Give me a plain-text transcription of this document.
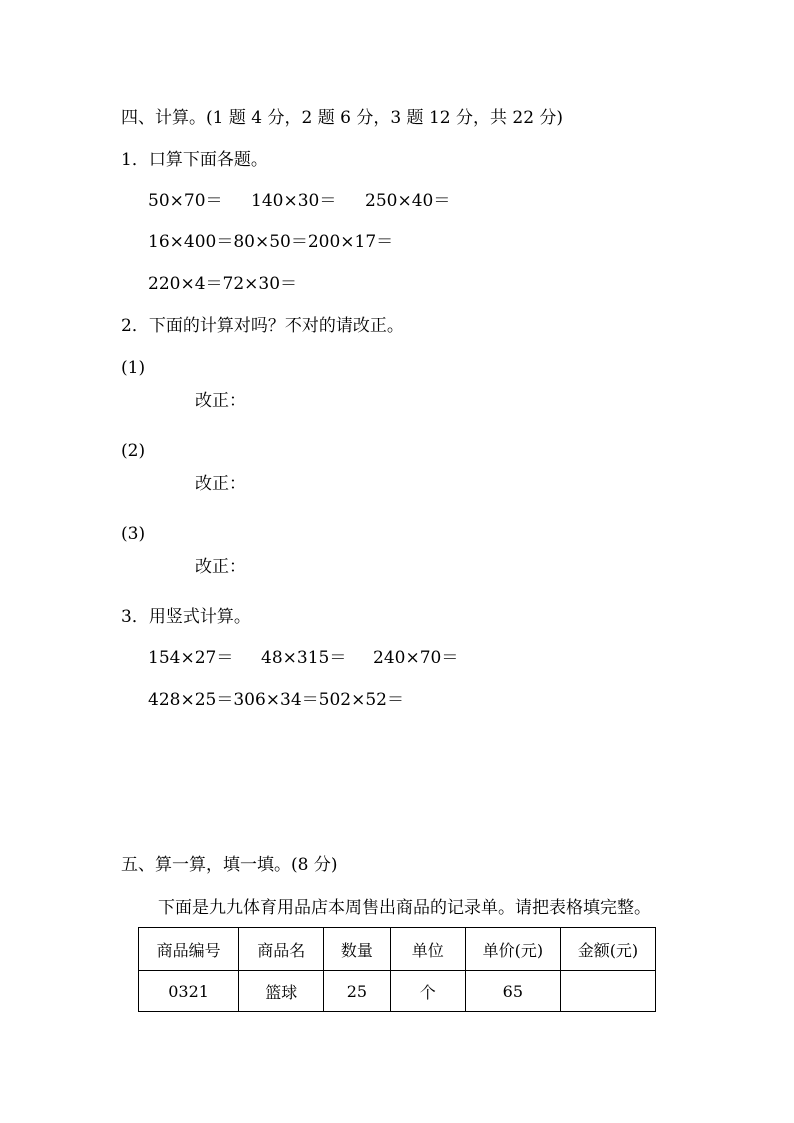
四、计算。(1 题 4 分，2 题 6 分，3 题 12 分，共 22 分)
1．口算下面各题。
50×70＝ 140×30＝ 250×40＝
16×400＝80×50＝200×17＝
220×4＝72×30＝
2．下面的计算对吗？不对的请改正。
(1)
改正：
(2)
改正：
(3)
改正：
3．用竖式计算。
154×27＝ 48×315＝ 240×70＝
428×25＝306×34＝502×52＝
五、算一算，填一填。(8 分)
下面是九九体育用品店本周售出商品的记录单。请把表格填完整。
商品编号	商品名	数量	单位	单价(元)	金额(元)
0321	篮球	25	个	65	
